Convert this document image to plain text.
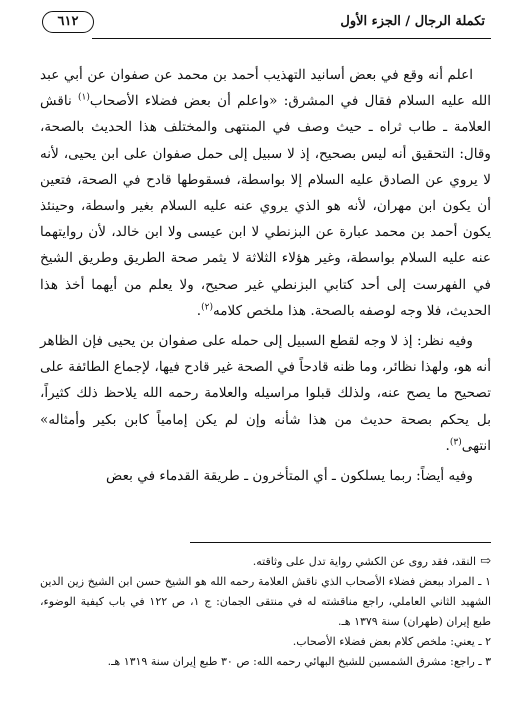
تكملة الرجال / الجزء الأول
٦١٢

اعلم أنه وقع في بعض أسانيد التهذيب أحمد بن محمد عن صفوان عن أبي عبد الله عليه السلام فقال في المشرق: «واعلم أن بعض فضلاء الأصحاب$^{(١)}$ ناقش العلامة ـ طاب ثراه ـ حيث وصف في المنتهى والمختلف هذا الحديث بالصحة، وقال: التحقيق أنه ليس بصحيح، إذ لا سبيل إلى حمل صفوان على ابن يحيى، لأنه لا يروي عن الصادق عليه السلام إلا بواسطة، فسقوطها قادح في الصحة، فتعين أن يكون ابن مهران، لأنه هو الذي يروي عنه عليه السلام بغير واسطة، وحينئذ يكون أحمد بن محمد عبارة عن البزنطي لا ابن عيسى ولا ابن خالد، لأن روايتهما عنه عليه السلام بواسطة، وغير هؤلاء الثلاثة لا يثمر صحة الطريق وطريق الشيخ في الفهرست إلى أحد كتابي البزنطي غير صحيح، ولا يعلم من أيهما أخذ هذا الحديث، فلا وجه لوصفه بالصحة. هذا ملخص كلامه$^{(٢)}$.

وفيه نظر: إذ لا وجه لقطع السبيل إلى حمله على صفوان بن يحيى فإن الظاهر أنه هو، ولهذا نظائر، وما ظنه قادحاً في الصحة غير قادح فيها، لإجماع الطائفة على تصحيح ما يصح عنه، ولذلك قبلوا مراسيله والعلامة رحمه الله يلاحظ ذلك كثيراً، بل يحكم بصحة حديث من هذا شأنه وإن لم يكن إمامياً كابن بكير وأمثاله» انتهى$^{(٣)}$.

وفيه أيضاً: ربما يسلكون ـ أي المتأخرون ـ طريقة القدماء في بعض

⇨النقد، فقد روى عن الكشي رواية تدل على وثاقته.

١ ـ المراد ببعض فضلاء الأصحاب الذي ناقش العلامة رحمه الله هو الشيخ حسن ابن الشيخ زين الدين الشهيد الثاني العاملي، راجع مناقشته له في منتقى الجمان: ج ١، ص ١٢٢ في باب كيفية الوضوء، طبع إيران (طهران) سنة ١٣٧٩ هـ.

٢ ـ يعني: ملخص كلام بعض فضلاء الأصحاب.

٣ ـ راجع: مشرق الشمسين للشيخ البهائي رحمه الله: ص ٣٠ طبع إيران سنة ١٣١٩ هـ.
